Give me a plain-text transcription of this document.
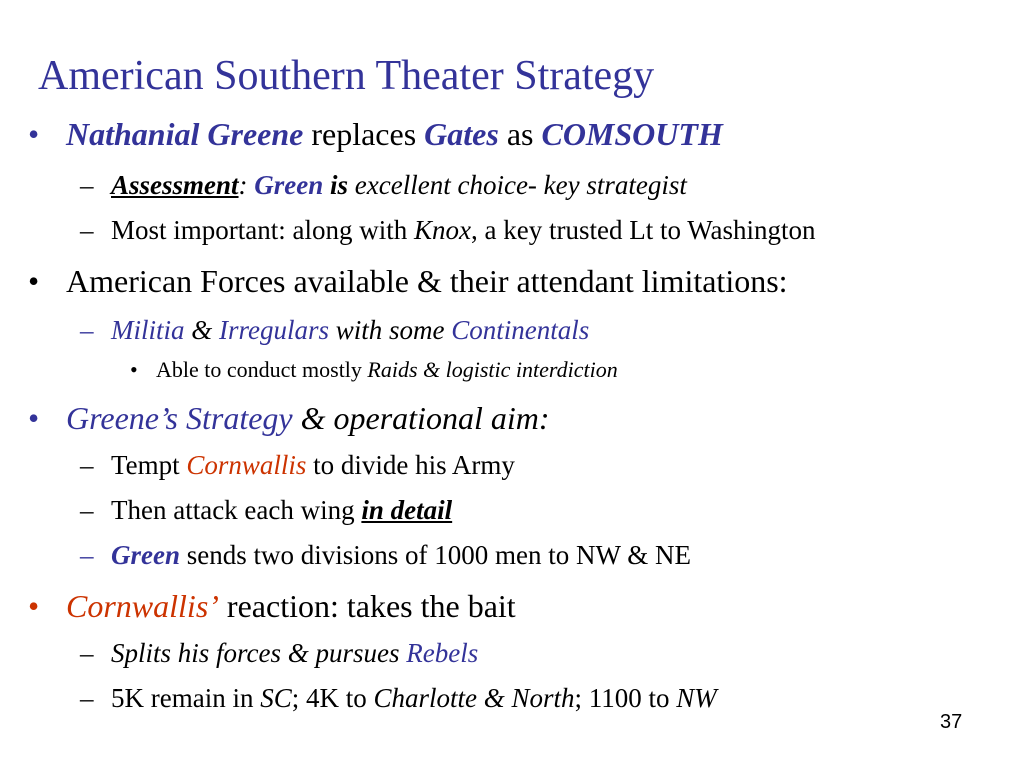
American Southern Theater Strategy
• Nathanial Greene replaces Gates as COMSOUTH
– Assessment: Green is excellent choice- key strategist
– Most important: along with Knox, a key trusted Lt to Washington
• American Forces available & their attendant limitations:
– Militia & Irregulars with some Continentals
• Able to conduct mostly Raids & logistic interdiction
• Greene’s Strategy & operational aim:
– Tempt Cornwallis to divide his Army
– Then attack each wing in detail
– Green sends two divisions of 1000 men to NW & NE
• Cornwallis’ reaction: takes the bait
– Splits his forces & pursues Rebels
– 5K remain in SC; 4K to Charlotte & North; 1100 to NW
37
